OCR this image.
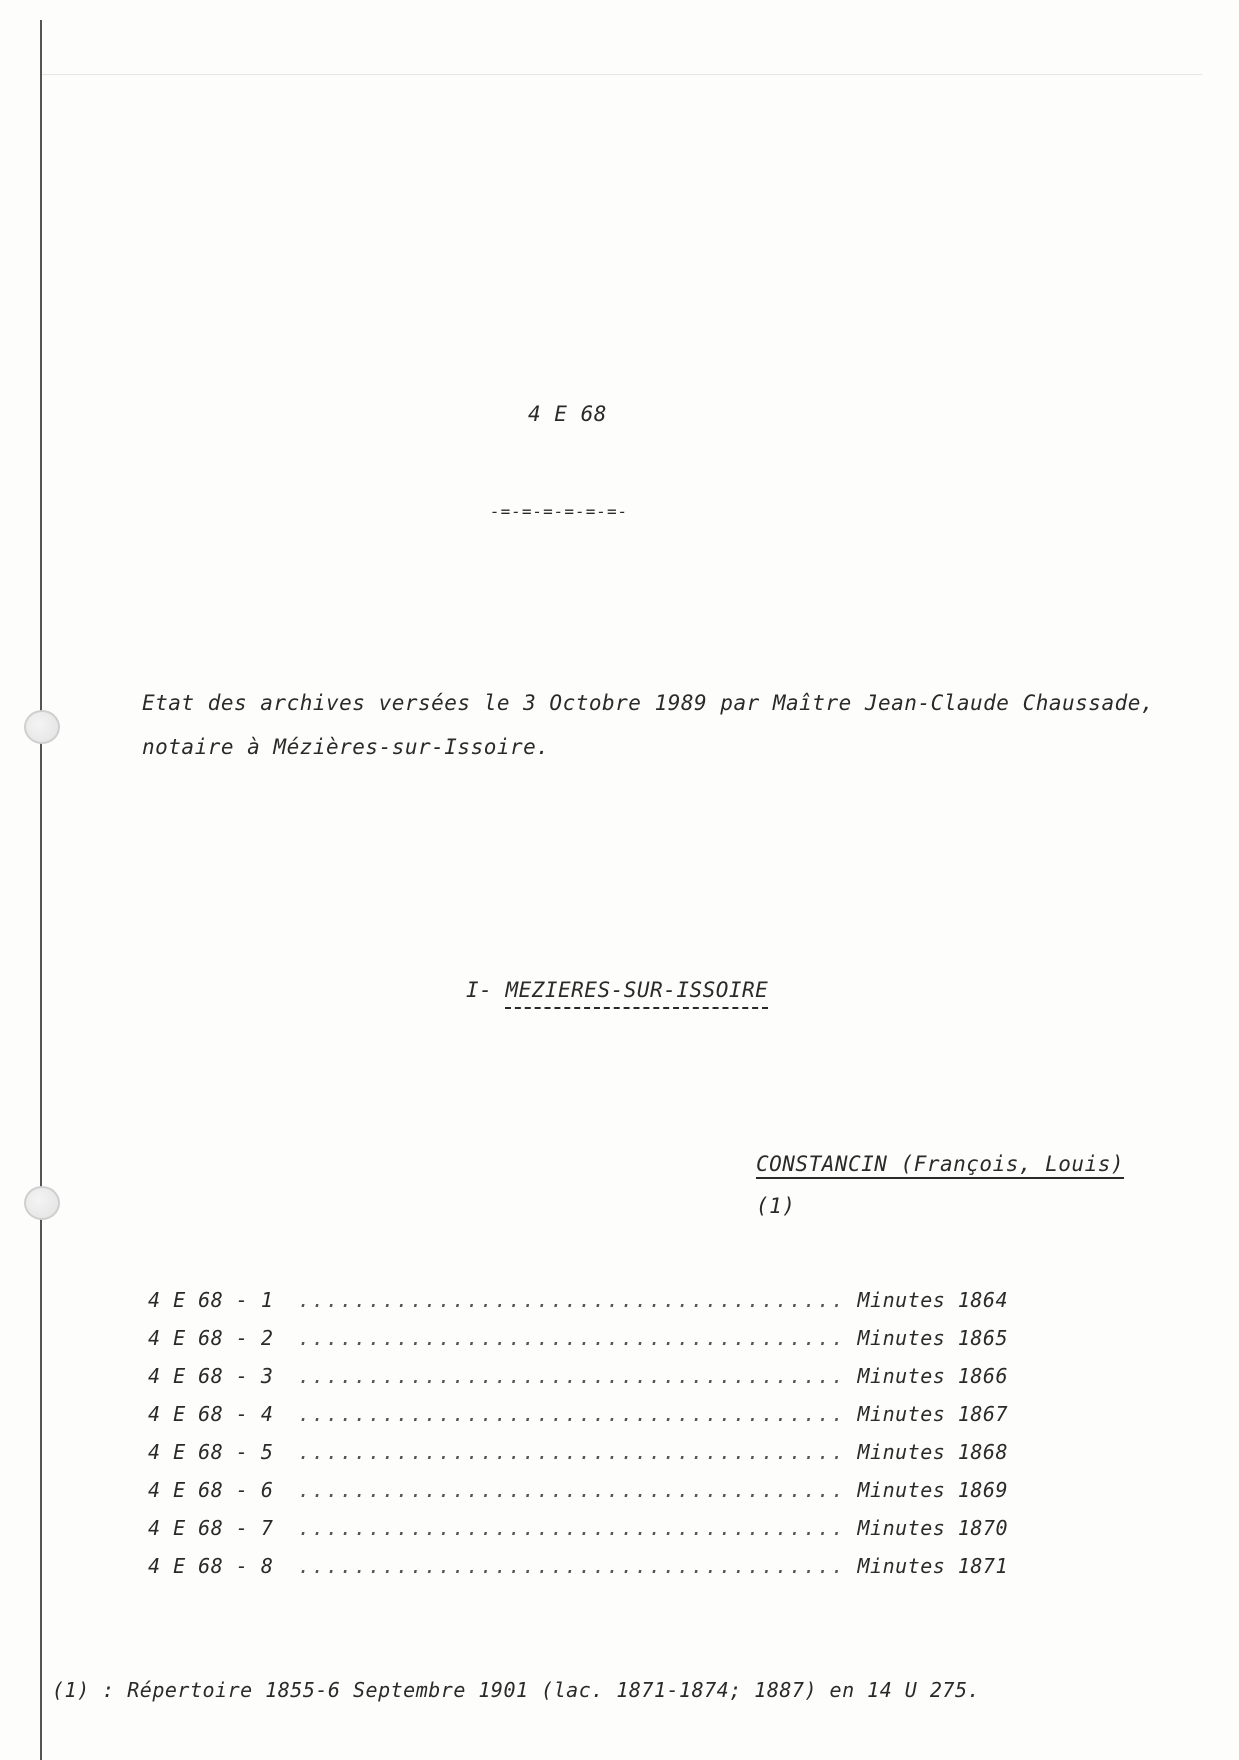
4 E 68
-=-=-=-=-=-=-

Etat des archives versées le 3 Octobre 1989 par Maître Jean-Claude Chaussade, notaire à Mézières-sur-Issoire.

I- MEZIERES-SUR-ISSOIRE
CONSTANCIN (François, Louis)
(1)
4 E 68 - 1 .....	Minutes 1864
4 E 68 - 2 .....	Minutes 1865
4 E 68 - 3 .....	Minutes 1866
4 E 68 - 4 .....	Minutes 1867
4 E 68 - 5 .....	Minutes 1868
4 E 68 - 6 .....	Minutes 1869
4 E 68 - 7 .....	Minutes 1870
4 E 68 - 8 .....	Minutes 1871
(1) : Répertoire 1855-6 Septembre 1901 (lac. 1871-1874; 1887) en 14 U 275.
